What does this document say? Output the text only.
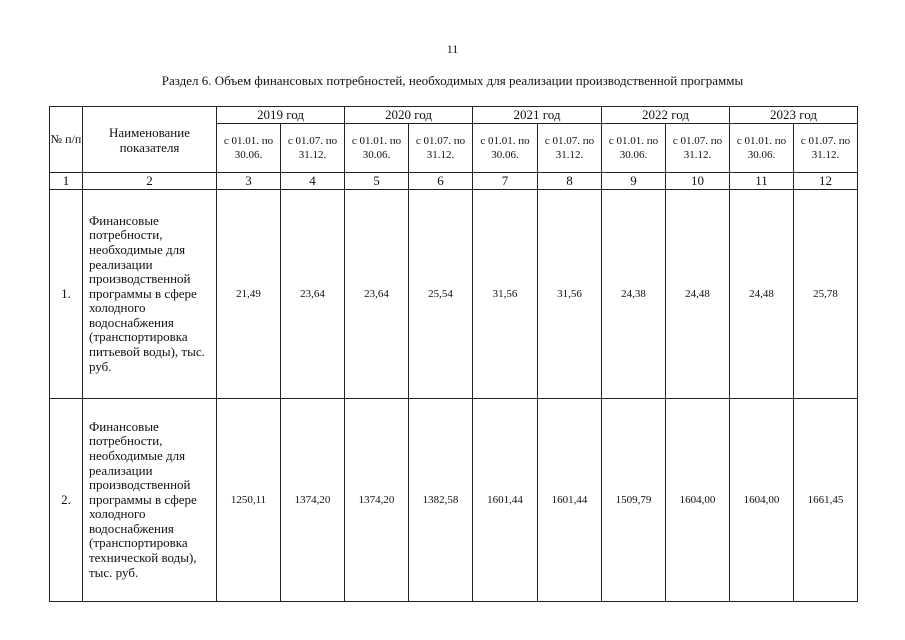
11
Раздел 6. Объем финансовых потребностей, необходимых для реализации производственной программы
№ п/п	Наименование показателя	2019 год		2020 год		2021 год		2022 год		2023 год	
		с 01.01. по 30.06.	с 01.07. по 31.12.	с 01.01. по 30.06.	с 01.07. по 31.12.	с 01.01. по 30.06.	с 01.07. по 31.12.	с 01.01. по 30.06.	с 01.07. по 31.12.	с 01.01. по 30.06.	с 01.07. по 31.12.
1	2	3	4	5	6	7	8	9	10	11	12
1.	Финансовые потребности, необходимые для реализации производственной программы в сфере холодного водоснабжения (транспортировка питьевой воды), тыс. руб.	21,49	23,64	23,64	25,54	31,56	31,56	24,38	24,48	24,48	25,78
2.	Финансовые потребности, необходимые для реализации производственной программы в сфере холодного водоснабжения (транспортировка технической воды), тыс. руб.	1250,11	1374,20	1374,20	1382,58	1601,44	1601,44	1509,79	1604,00	1604,00	1661,45
